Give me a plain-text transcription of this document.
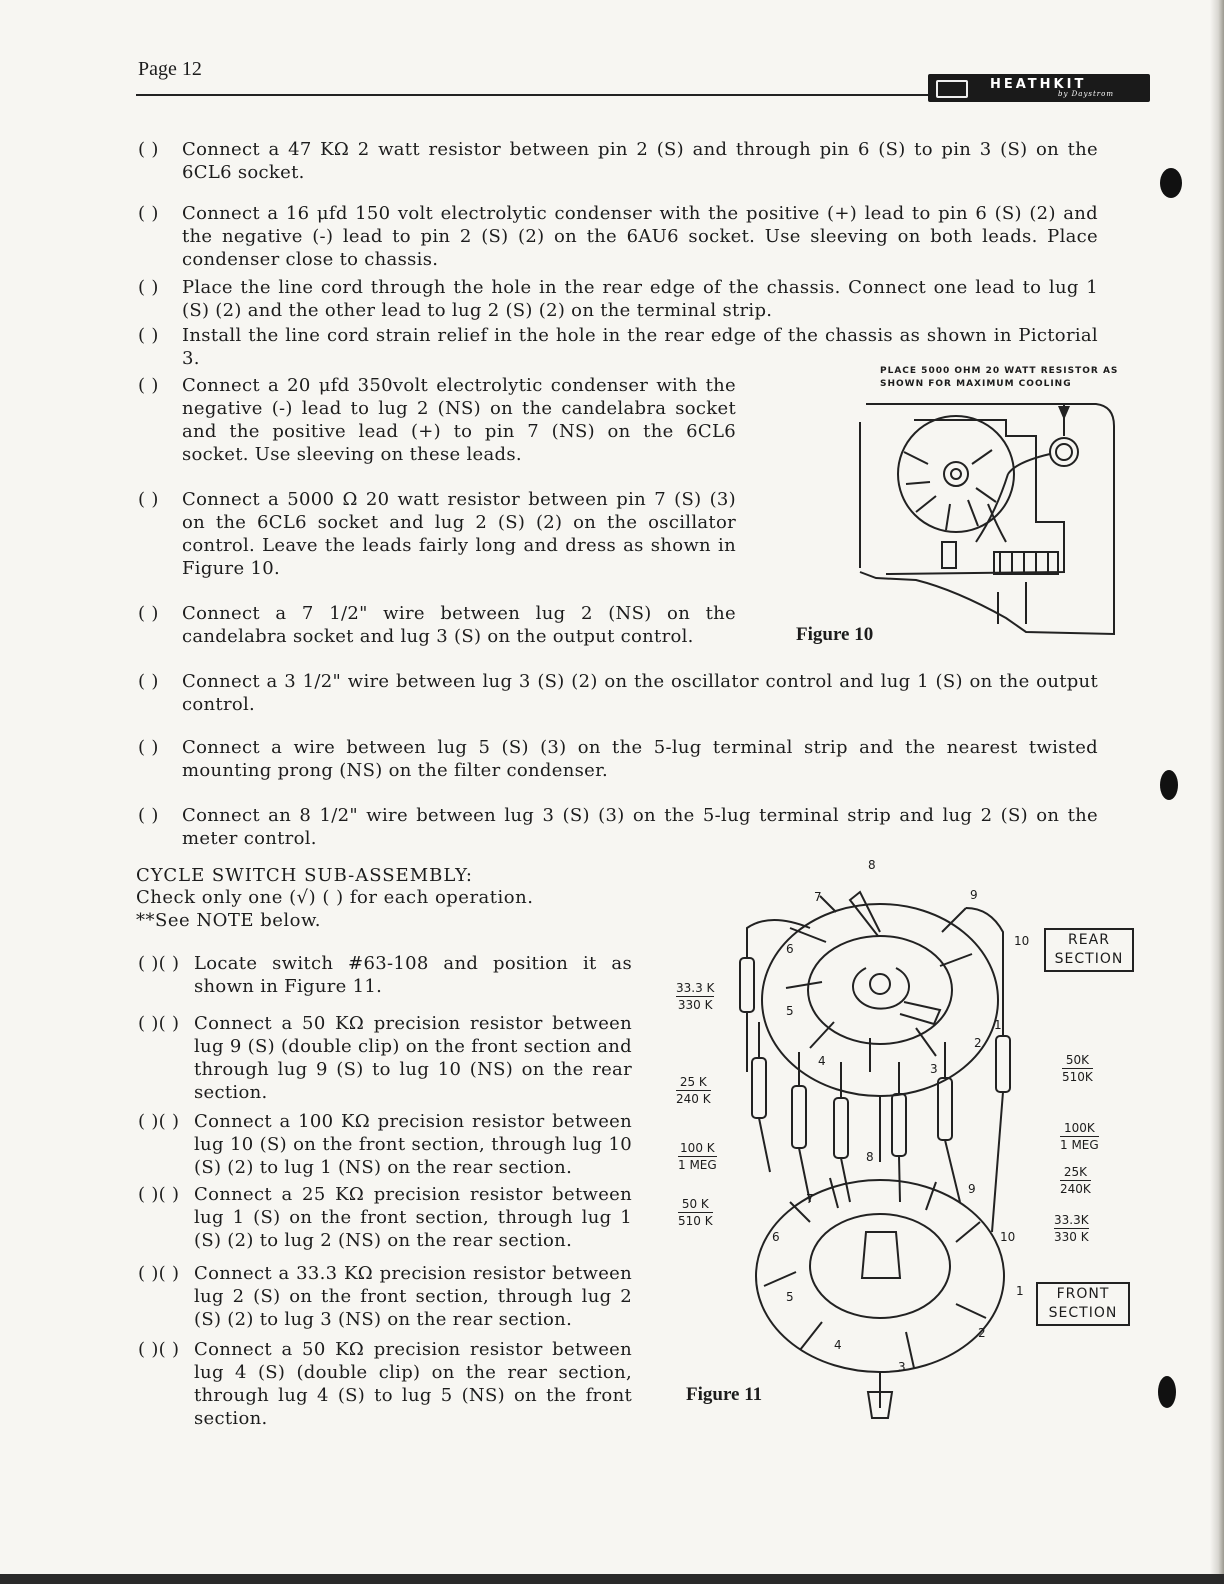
Page 12
HEATHKIT
by Daystrom
( )	Connect a 47 KΩ 2 watt resistor between pin 2 (S) and through pin 6 (S) to pin 3 (S) on the 6CL6 socket.
( )	Connect a 16 μfd 150 volt electrolytic condenser with the positive (+) lead to pin 6 (S) (2) and the negative (-) lead to pin 2 (S) (2) on the 6AU6 socket. Use sleeving on both leads. Place condenser close to chassis.
( )	Place the line cord through the hole in the rear edge of the chassis. Connect one lead to lug 1 (S) (2) and the other lead to lug 2 (S) (2) on the terminal strip.
( )	Install the line cord strain relief in the hole in the rear edge of the chassis as shown in Pictorial 3.
( )	Connect a 20 μfd 350volt electrolytic condenser with the negative (-) lead to lug 2 (NS) on the candelabra socket and the positive lead (+) to pin 7 (NS) on the 6CL6 socket. Use sleeving on these leads.
( )	Connect a 5000 Ω 20 watt resistor between pin 7 (S) (3) on the 6CL6 socket and lug 2 (S) (2) on the oscillator control. Leave the leads fairly long and dress as shown in Figure 10.
( )	Connect a 7 1/2" wire between lug 2 (NS) on the candelabra socket and lug 3 (S) on the output control.
( )	Connect a 3 1/2" wire between lug 3 (S) (2) on the oscillator control and lug 1 (S) on the output control.
( )	Connect a wire between lug 5 (S) (3) on the 5-lug terminal strip and the nearest twisted mounting prong (NS) on the filter condenser.
( )	Connect an 8 1/2" wire between lug 3 (S) (3) on the 5-lug terminal strip and lug 2 (S) on the meter control.
CYCLE SWITCH SUB-ASSEMBLY:
Check only one (√) ( ) for each operation.
**See NOTE below.
( )( ) Locate switch #63-108 and position it as shown in Figure 11.
( )( ) Connect a 50 KΩ precision resistor between lug 9 (S) (double clip) on the front section and through lug 9 (S) to lug 10 (NS) on the rear section.
( )( ) Connect a 100 KΩ precision resistor between lug 10 (S) on the front section, through lug 10 (S) (2) to lug 1 (NS) on the rear section.
( )( ) Connect a 25 KΩ precision resistor between lug 1 (S) on the front section, through lug 1 (S) (2) to lug 2 (NS) on the rear section.
( )( ) Connect a 33.3 KΩ precision resistor between lug 2 (S) on the front section, through lug 2 (S) (2) to lug 3 (NS) on the rear section.
( )( ) Connect a 50 KΩ precision resistor between lug 4 (S) (double clip) on the rear section, through lug 4 (S) to lug 5 (NS) on the front section.
PLACE 5000 OHM 20 WATT RESISTOR AS SHOWN FOR MAXIMUM COOLING
Figure 10
8
7	9
6
10
5
1
4
2
3
8
7
9
6	10
5	1
4
2
3
33.3 K
330 K
25 K
240 K
100 K
1 MEG
50 K
510 K
50K
510K
100K
1 MEG
25K
240K
33.3K
330 K
REAR SECTION
FRONT SECTION
Figure 11
